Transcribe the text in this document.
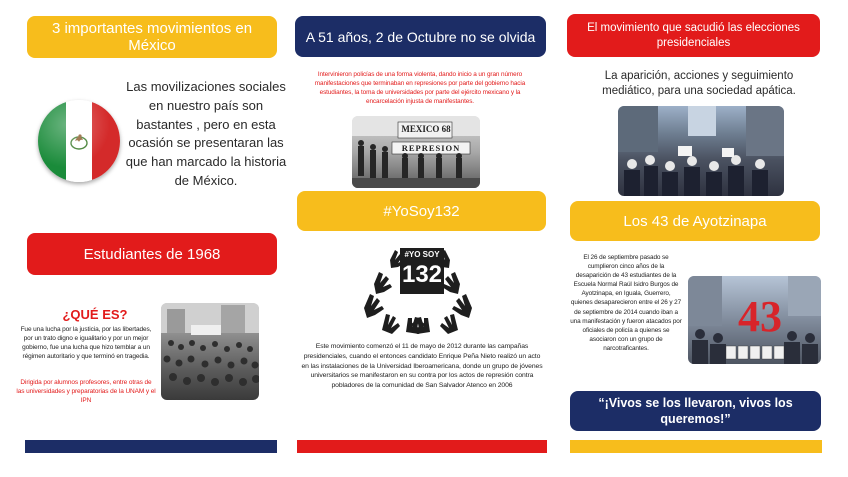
3 importantes movimientos en México
Las movilizaciones sociales en nuestro país son bastantes , pero en esta ocasión se presentaran las que han marcado la historia de México.
Estudiantes de 1968
¿QUÉ ES?
Fue una lucha por la justicia, por las libertades, por un trato digno e igualitario y por un mejor gobierno, fue una lucha que hizo temblar a un régimen autoritario y que terminó en tragedia.
Dirigida por alumnos profesores, entre otras de las universidades y preparatorias de la UNAM y el IPN
A 51 años, 2 de Octubre no se olvida
Intervinieron policías de una forma violenta, dando inicio a un gran número manifestaciones que terminaban en represiones por parte del gobierno hacia estudiantes, la toma de universidades por parte del ejército mexicano y la encarcelación injusta de manifestantes.
MEXICO 68
REPRESION
#YoSoy132
#YO SOY
132
Este movimiento comenzó el 11 de mayo de 2012 durante las campañas presidenciales, cuando el entonces candidato Enrique Peña Nieto realizó un acto en las instalaciones de la Universidad Iberoamericana, donde un grupo de jóvenes universitarios se manifestaron en su contra por los actos de represión contra pobladores de la comunidad de San Salvador Atenco en 2006
El movimiento que sacudió las elecciones presidenciales
La aparición, acciones y seguimiento mediático, para una sociedad apática.
Los 43 de Ayotzinapa
El 26 de septiembre pasado se cumplieron cinco años de la desaparición de 43 estudiantes de la Escuela Normal Raúl Isidro Burgos de Ayotzinapa, en Iguala, Guerrero, quienes desaparecieron entre el 26 y 27 de septiembre de 2014 cuando iban a una manifestación y fueron atacados por oficiales de policía a quienes se asociaron con un grupo de narcotraficantes.
43
“¡Vivos se los llevaron, vivos los queremos!”
